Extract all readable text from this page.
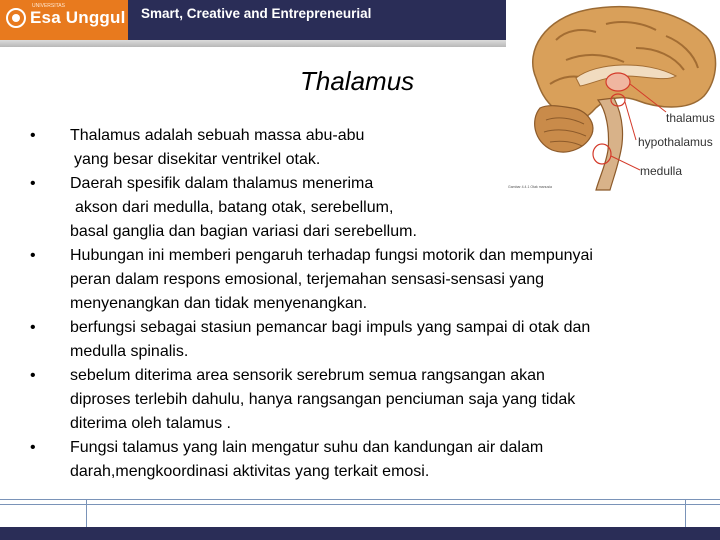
UNIVERSITAS
Esa Unggul Smart, Creative and Entrepreneurial
thalamus
hypothalamus
medulla
Gambar 4.4.1 Otak manusia
Thalamus
• Thalamus adalah sebuah massa abu-abu
yang besar disekitar ventrikel otak.
• Daerah spesifik dalam thalamus menerima
akson dari medulla, batang otak, serebellum,
basal ganglia dan bagian variasi dari serebellum.
• Hubungan ini memberi pengaruh terhadap fungsi motorik dan mempunyai
peran dalam respons emosional, terjemahan sensasi-sensasi yang
menyenangkan dan tidak menyenangkan.
• berfungsi sebagai stasiun pemancar bagi impuls yang sampai di otak dan
medulla spinalis.
• sebelum diterima area sensorik serebrum semua rangsangan akan
diproses terlebih dahulu, hanya rangsangan penciuman saja yang tidak
diterima oleh talamus .
• Fungsi talamus yang lain mengatur suhu dan kandungan air dalam
darah,mengkoordinasi aktivitas yang terkait emosi.
